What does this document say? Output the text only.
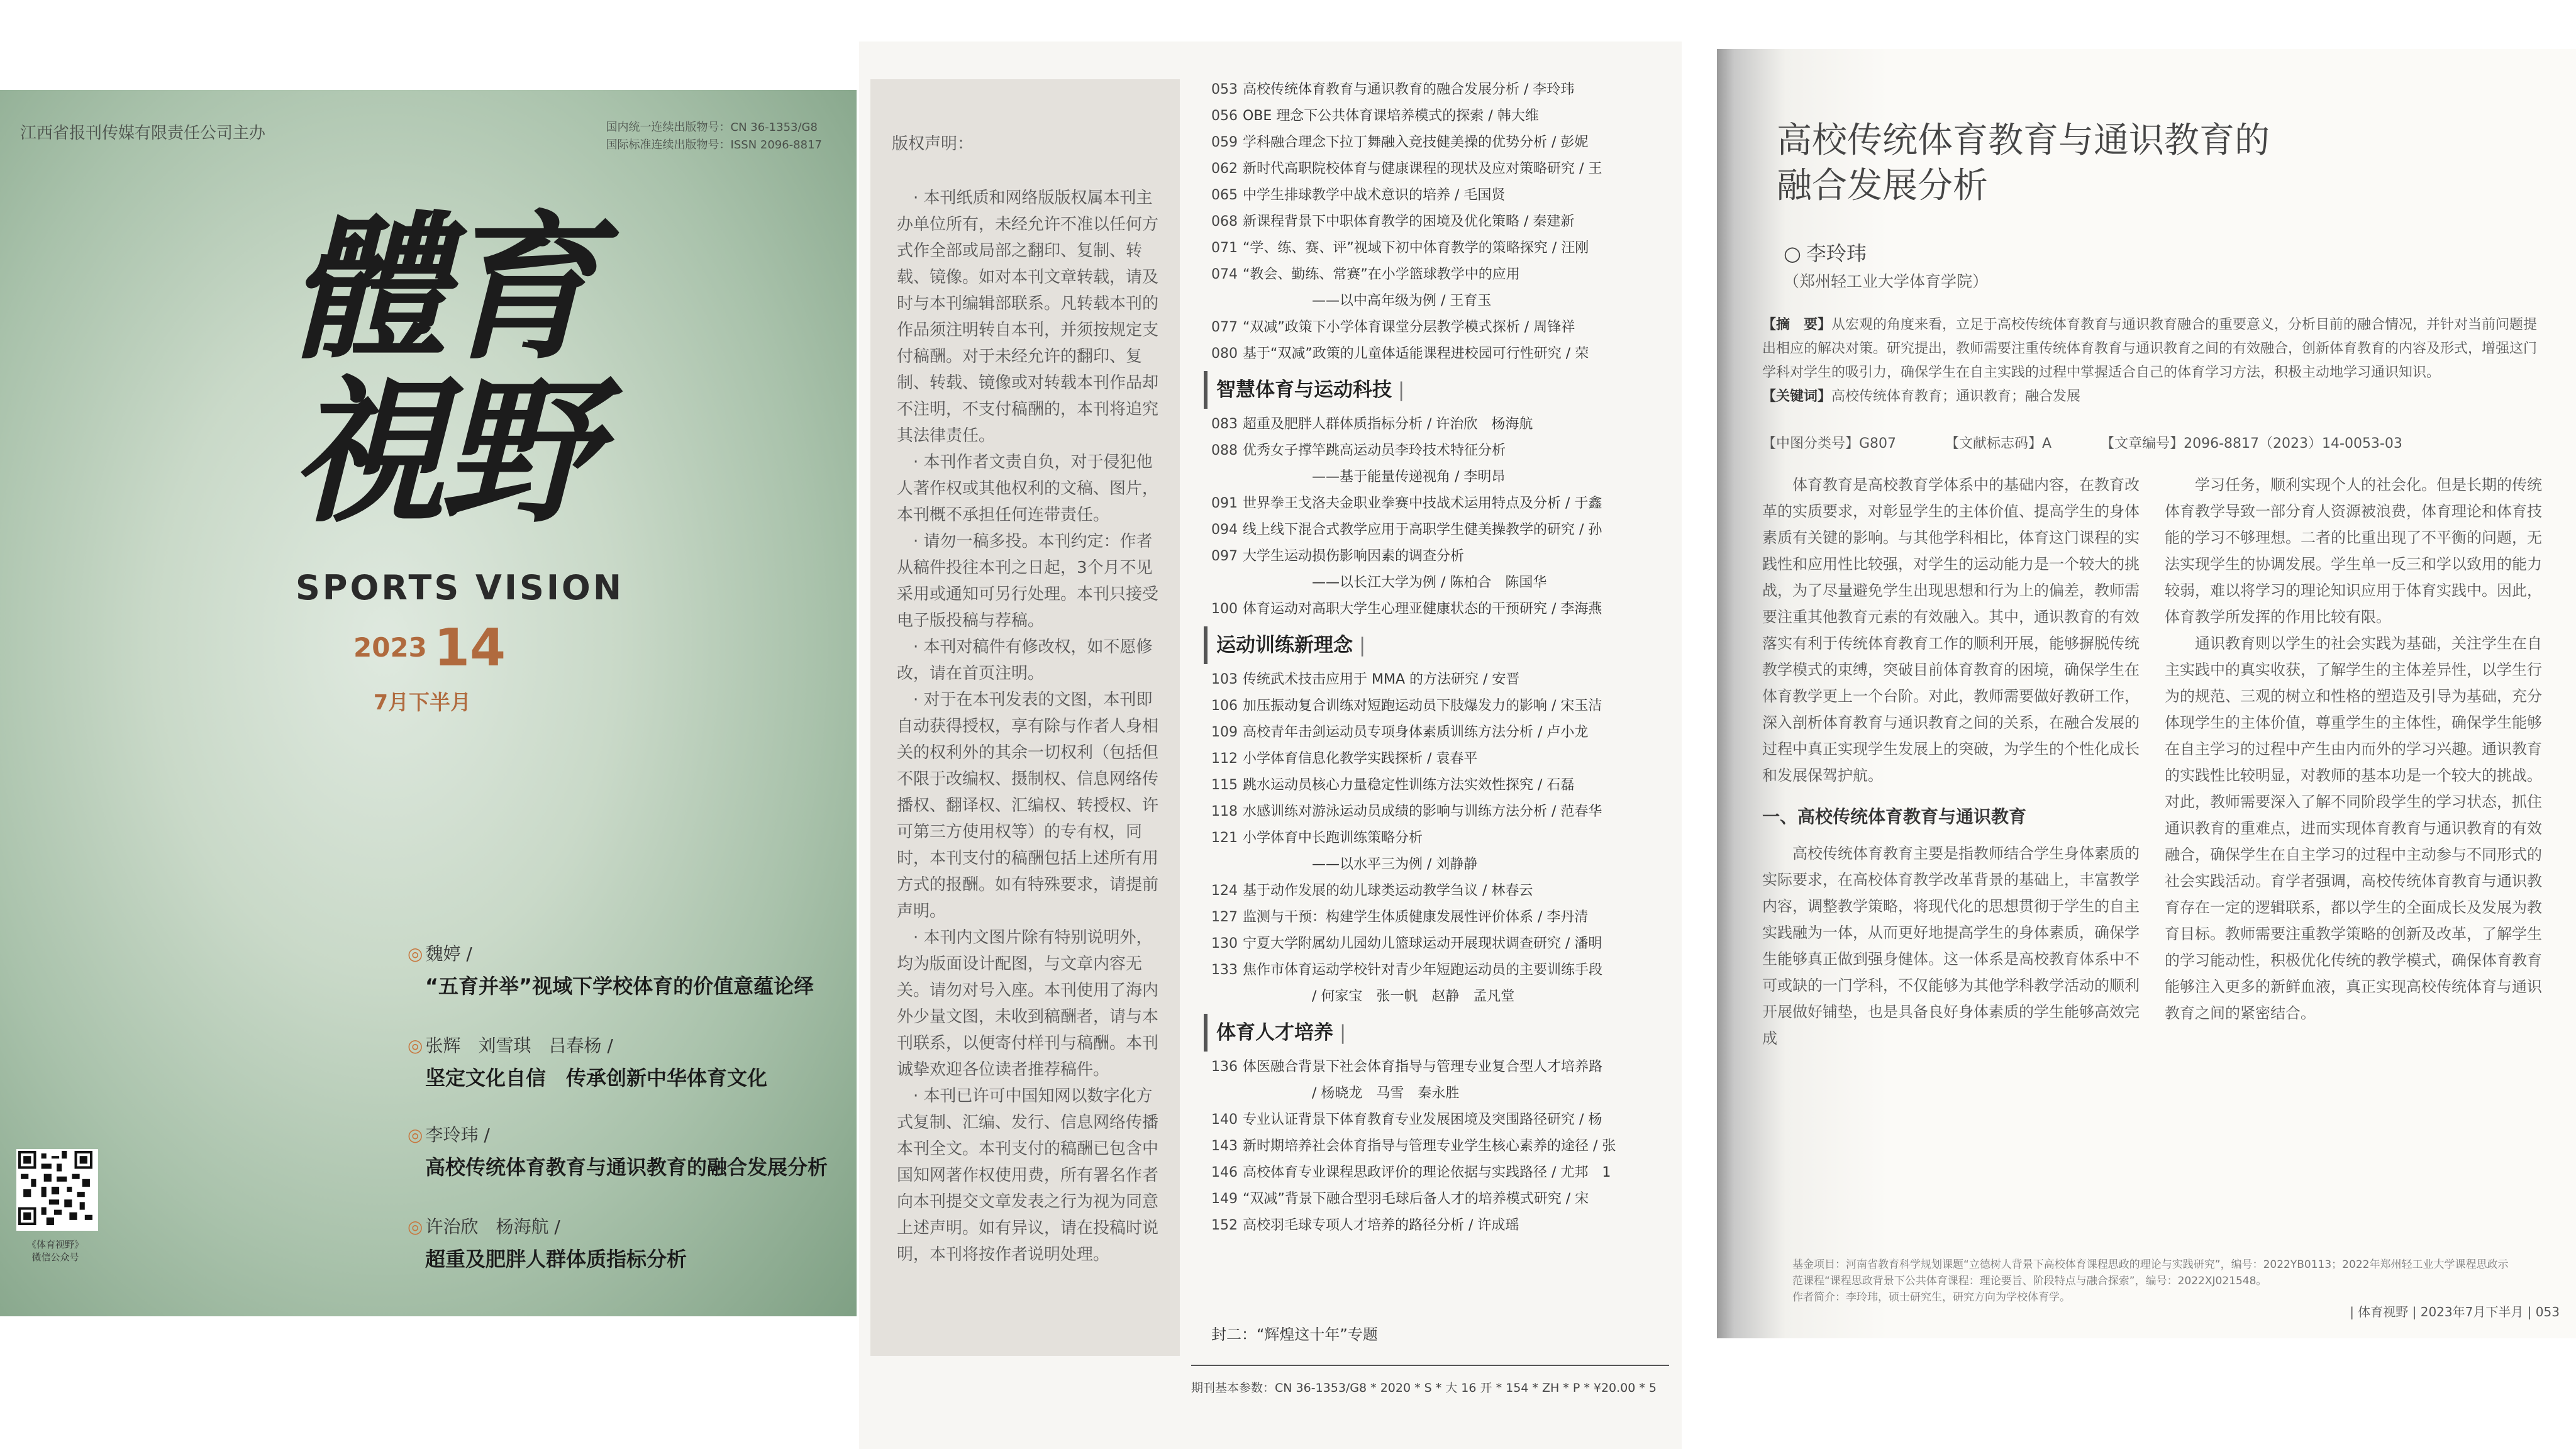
江西省报刊传媒有限责任公司主办	国内统一连续出版物号：CN 36-1353/G8
国际标准连续出版物号：ISSN 2096-8817
體
育
視
野
SPORTS VISION
2023 14
7月下半月
◎ 魏婷 /
“五育并举”视域下学校体育的价值意蕴论绎
◎ 张辉　刘雪琪　吕春杨 /
坚定文化自信　传承创新中华体育文化
◎ 李玲玮 /
高校传统体育教育与通识教育的融合发展分析
◎ 许治欣　杨海航 /
超重及肥胖人群体质指标分析
《体育视野》
微信公众号
版权声明：
　· 本刊纸质和网络版版权属本刊主办单位所有，未经允许不准以任何方式作全部或局部之翻印、复制、转载、镜像。如对本刊文章转载，请及时与本刊编辑部联系。凡转载本刊的作品须注明转自本刊，并须按规定支付稿酬。对于未经允许的翻印、复制、转载、镜像或对转载本刊作品却不注明，不支付稿酬的，本刊将追究其法律责任。
　· 本刊作者文责自负，对于侵犯他人著作权或其他权利的文稿、图片，本刊概不承担任何连带责任。
　· 请勿一稿多投。本刊约定：作者从稿件投往本刊之日起，3个月不见采用或通知可另行处理。本刊只接受电子版投稿与荐稿。
　· 本刊对稿件有修改权，如不愿修改，请在首页注明。
　· 对于在本刊发表的文图，本刊即自动获得授权，享有除与作者人身相关的权利外的其余一切权利（包括但不限于改编权、摄制权、信息网络传播权、翻译权、汇编权、转授权、许可第三方使用权等）的专有权，同时，本刊支付的稿酬包括上述所有用方式的报酬。如有特殊要求，请提前声明。
　· 本刊内文图片除有特别说明外，均为版面设计配图，与文章内容无关。请勿对号入座。本刊使用了海内外少量文图，未收到稿酬者，请与本刊联系，以便寄付样刊与稿酬。本刊诚挚欢迎各位读者推荐稿件。
　· 本刊已许可中国知网以数字化方式复制、汇编、发行、信息网络传播本刊全文。本刊支付的稿酬已包含中国知网著作权使用费，所有署名作者向本刊提交文章发表之行为视为同意上述声明。如有异议，请在投稿时说明，本刊将按作者说明处理。
053 高校传统体育教育与通识教育的融合发展分析 / 李玲玮
056 OBE 理念下公共体育课培养模式的探索 / 韩大维
059 学科融合理念下拉丁舞融入竞技健美操的优势分析 / 彭妮
062 新时代高职院校体育与健康课程的现状及应对策略研究 / 王
065 中学生排球教学中战术意识的培养 / 毛国贤
068 新课程背景下中职体育教学的困境及优化策略 / 秦建新
071 “学、练、赛、评”视域下初中体育教学的策略探究 / 汪刚
074 “教会、勤练、常赛”在小学篮球教学中的应用
——以中高年级为例 / 王育玉
077 “双减”政策下小学体育课堂分层教学模式探析 / 周锋祥
080 基于“双减”政策的儿童体适能课程进校园可行性研究 / 荣
智慧体育与运动科技 |
083 超重及肥胖人群体质指标分析 / 许治欣　杨海航
088 优秀女子撑竿跳高运动员李玲技术特征分析
——基于能量传递视角 / 李明昂
091 世界拳王戈洛夫金职业拳赛中技战术运用特点及分析 / 于鑫
094 线上线下混合式教学应用于高职学生健美操教学的研究 / 孙
097 大学生运动损伤影响因素的调查分析
——以长江大学为例 / 陈柏合　陈国华
100 体育运动对高职大学生心理亚健康状态的干预研究 / 李海燕
运动训练新理念 |
103 传统武术技击应用于 MMA 的方法研究 / 安晋
106 加压振动复合训练对短跑运动员下肢爆发力的影响 / 宋玉洁
109 高校青年击剑运动员专项身体素质训练方法分析 / 卢小龙
112 小学体育信息化教学实践探析 / 袁春平
115 跳水运动员核心力量稳定性训练方法实效性探究 / 石磊
118 水感训练对游泳运动员成绩的影响与训练方法分析 / 范春华
121 小学体育中长跑训练策略分析
——以水平三为例 / 刘静静
124 基于动作发展的幼儿球类运动教学刍议 / 林春云
127 监测与干预：构建学生体质健康发展性评价体系 / 李丹清
130 宁夏大学附属幼儿园幼儿篮球运动开展现状调查研究 / 潘明
133 焦作市体育运动学校针对青少年短跑运动员的主要训练手段
/ 何家宝　张一帆　赵静　孟凡堂
体育人才培养 |
136 体医融合背景下社会体育指导与管理专业复合型人才培养路
/ 杨晓龙　马雪　秦永胜
140 专业认证背景下体育教育专业发展困境及突围路径研究 / 杨
143 新时期培养社会体育指导与管理专业学生核心素养的途径 / 张
146 高校体育专业课程思政评价的理论依据与实践路径 / 尤邦　1
149 “双减”背景下融合型羽毛球后备人才的培养模式研究 / 宋
152 高校羽毛球专项人才培养的路径分析 / 许成瑶
封二：“辉煌这十年”专题
期刊基本参数：CN 36-1353/G8 * 2020 * S * 大 16 开 * 154 * ZH * P * ¥20.00 * 5
高校传统体育教育与通识教育的
融合发展分析
○ 李玲玮
（郑州轻工业大学体育学院）
【摘　要】从宏观的角度来看，立足于高校传统体育教育与通识教育融合的重要意义，分析目前的融合情况，并针对当前问题提出相应的解决对策。研究提出，教师需要注重传统体育教育与通识教育之间的有效融合，创新体育教育的内容及形式，增强这门学科对学生的吸引力，确保学生在自主实践的过程中掌握适合自己的体育学习方法，积极主动地学习通识知识。
【关键词】高校传统体育教育；通识教育；融合发展
【中图分类号】G807	【文献标志码】A	【文章编号】2096-8817（2023）14-0053-03

体育教育是高校教育学体系中的基础内容，在教育改革的实质要求，对彰显学生的主体价值、提高学生的身体素质有关键的影响。与其他学科相比，体育这门课程的实践性和应用性比较强，对学生的运动能力是一个较大的挑战，为了尽量避免学生出现思想和行为上的偏差，教师需要注重其他教育元素的有效融入。其中，通识教育的有效落实有利于传统体育教育工作的顺利开展，能够摒脱传统教学模式的束缚，突破目前体育教育的困境，确保学生在体育教学更上一个台阶。对此，教师需要做好教研工作，深入剖析体育教育与通识教育之间的关系，在融合发展的过程中真正实现学生发展上的突破，为学生的个性化成长和发展保驾护航。

一、高校传统体育教育与通识教育

高校传统体育教育主要是指教师结合学生身体素质的实际要求，在高校体育教学改革背景的基础上，丰富教学内容，调整教学策略，将现代化的思想贯彻于学生的自主实践融为一体，从而更好地提高学生的身体素质，确保学生能够真正做到强身健体。这一体系是高校教育体系中不可或缺的一门学科，不仅能够为其他学科教学活动的顺利开展做好铺垫，也是具备良好身体素质的学生能够高效完成

学习任务，顺利实现个人的社会化。但是长期的传统体育教学导致一部分育人资源被浪费，体育理论和体育技能的学习不够理想。二者的比重出现了不平衡的问题，无法实现学生的协调发展。学生单一反三和学以致用的能力较弱，难以将学习的理论知识应用于体育实践中。因此，体育教学所发挥的作用比较有限。

通识教育则以学生的社会实践为基础，关注学生在自主实践中的真实收获，了解学生的主体差异性，以学生行为的规范、三观的树立和性格的塑造及引导为基础，充分体现学生的主体价值，尊重学生的主体性，确保学生能够在自主学习的过程中产生由内而外的学习兴趣。通识教育的实践性比较明显，对教师的基本功是一个较大的挑战。对此，教师需要深入了解不同阶段学生的学习状态，抓住通识教育的重难点，进而实现体育教育与通识教育的有效融合，确保学生在自主学习的过程中主动参与不同形式的社会实践活动。育学者强调，高校传统体育教育与通识教育存在一定的逻辑联系，都以学生的全面成长及发展为教育目标。教师需要注重教学策略的创新及改革，了解学生的学习能动性，积极优化传统的教学模式，确保体育教育能够注入更多的新鲜血液，真正实现高校传统体育与通识教育之间的紧密结合。

基金项目：河南省教育科学规划课题“立德树人背景下高校体育课程思政的理论与实践研究”，编号：2022YB0113；2022年郑州轻工业大学课程思政示范课程“课程思政背景下公共体育课程：理论要旨、阶段特点与融合探索”，编号：2022XJ021548。
作者简介：李玲玮，硕士研究生，研究方向为学校体育学。
| 体育视野 | 2023年7月下半月 | 053
